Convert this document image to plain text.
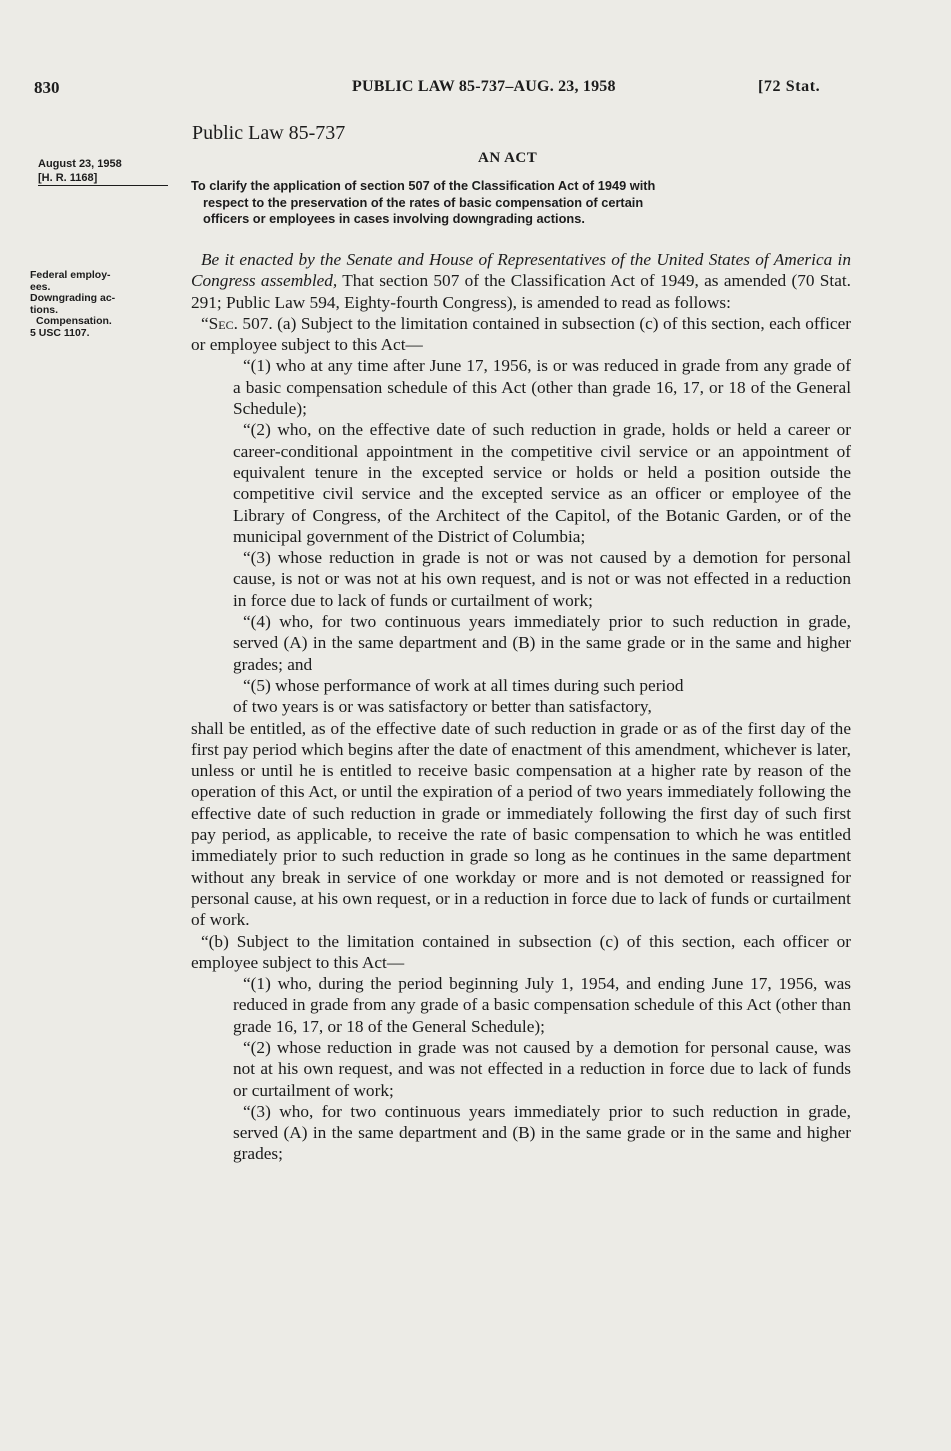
830	PUBLIC LAW 85-737–AUG. 23, 1958	[72 Stat.
Public Law 85-737
AN ACT
August 23, 1958
[H. R. 1168]	To clarify the application of section 507 of the Classification Act of 1949 with
respect to the preservation of the rates of basic compensation of certain
officers or employees in cases involving downgrading actions.
Federal employ-
ees.
Downgrading ac-
tions.
Compensation.
5 USC 1107.

Be it enacted by the Senate and House of Representatives of the United States of America in Congress assembled, That section 507 of the Classification Act of 1949, as amended (70 Stat. 291; Public Law 594, Eighty-fourth Congress), is amended to read as follows:

“Sec. 507. (a) Subject to the limitation contained in subsection (c) of this section, each officer or employee subject to this Act—

“(1) who at any time after June 17, 1956, is or was reduced in grade from any grade of a basic compensation schedule of this Act (other than grade 16, 17, or 18 of the General Schedule);

“(2) who, on the effective date of such reduction in grade, holds or held a career or career-conditional appointment in the competitive civil service or an appointment of equivalent tenure in the excepted service or holds or held a position outside the competitive civil service and the excepted service as an officer or employee of the Library of Congress, of the Architect of the Capitol, of the Botanic Garden, or of the municipal government of the District of Columbia;

“(3) whose reduction in grade is not or was not caused by a demotion for personal cause, is not or was not at his own request, and is not or was not effected in a reduction in force due to lack of funds or curtailment of work;

“(4) who, for two continuous years immediately prior to such reduction in grade, served (A) in the same department and (B) in the same grade or in the same and higher grades; and

“(5) whose performance of work at all times during such period

of two years is or was satisfactory or better than satisfactory,

shall be entitled, as of the effective date of such reduction in grade or as of the first day of the first pay period which begins after the date of enactment of this amendment, whichever is later, unless or until he is entitled to receive basic compensation at a higher rate by reason of the operation of this Act, or until the expiration of a period of two years immediately following the effective date of such reduction in grade or immediately following the first day of such first pay period, as applicable, to receive the rate of basic compensation to which he was entitled immediately prior to such reduction in grade so long as he continues in the same department without any break in service of one workday or more and is not demoted or reassigned for personal cause, at his own request, or in a reduction in force due to lack of funds or curtailment of work.

“(b) Subject to the limitation contained in subsection (c) of this section, each officer or employee subject to this Act—

“(1) who, during the period beginning July 1, 1954, and ending June 17, 1956, was reduced in grade from any grade of a basic compensation schedule of this Act (other than grade 16, 17, or 18 of the General Schedule);

“(2) whose reduction in grade was not caused by a demotion for personal cause, was not at his own request, and was not effected in a reduction in force due to lack of funds or curtailment of work;

“(3) who, for two continuous years immediately prior to such reduction in grade, served (A) in the same department and (B) in the same grade or in the same and higher grades;
